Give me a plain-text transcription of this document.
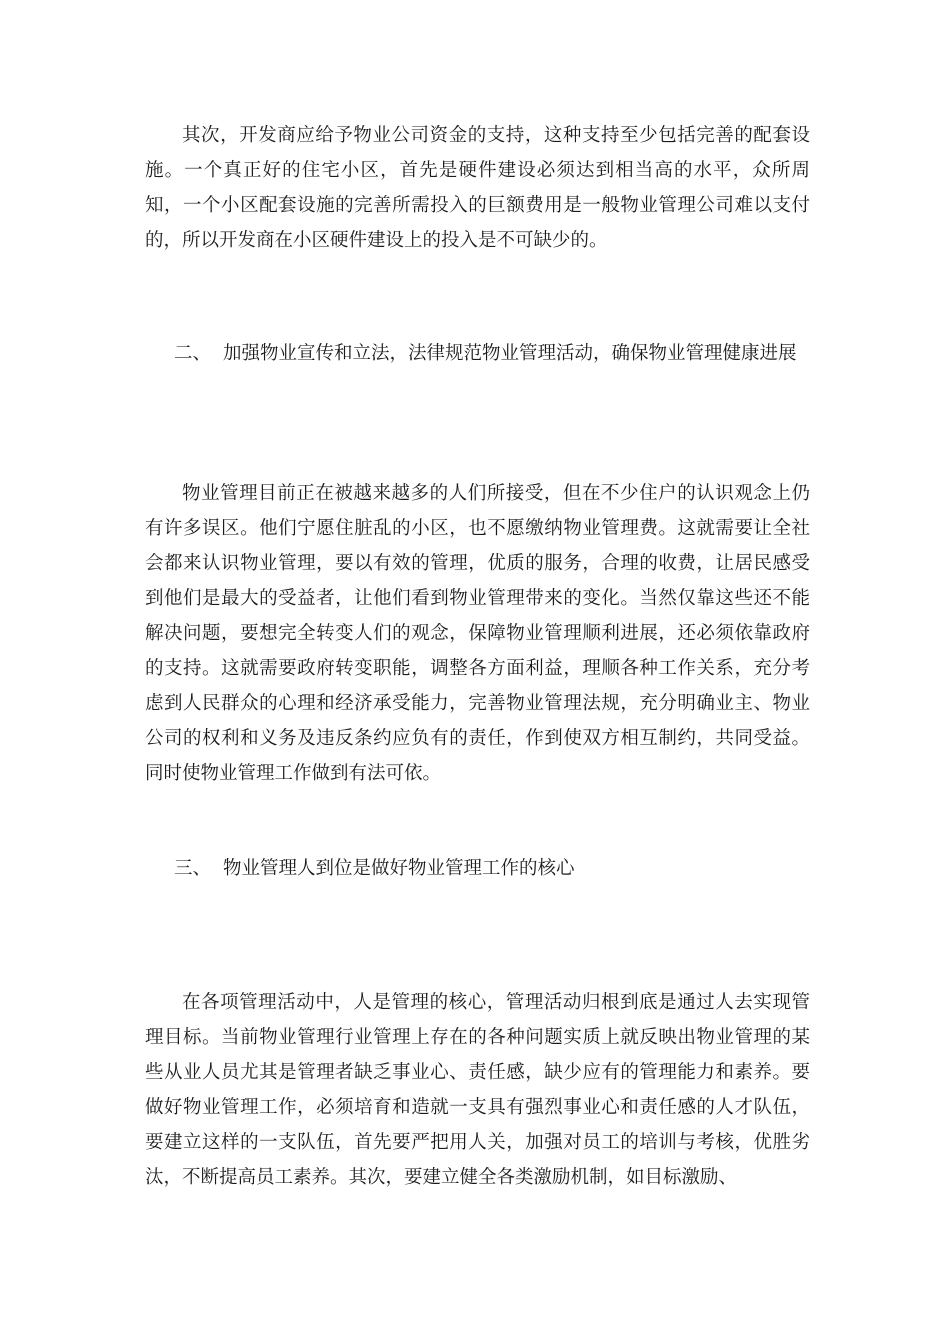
其次，开发商应给予物业公司资金的支持，这种支持至少包括完善的配套设施。一个真正好的住宅小区，首先是硬件建设必须达到相当高的水平，众所周知，一个小区配套设施的完善所需投入的巨额费用是一般物业管理公司难以支付的，所以开发商在小区硬件建设上的投入是不可缺少的。

二、 加强物业宣传和立法，法律规范物业管理活动，确保物业管理健康进展

物业管理目前正在被越来越多的人们所接受，但在不少住户的认识观念上仍有许多误区。他们宁愿住脏乱的小区，也不愿缴纳物业管理费。这就需要让全社会都来认识物业管理，要以有效的管理，优质的服务，合理的收费，让居民感受到他们是最大的受益者，让他们看到物业管理带来的变化。当然仅靠这些还不能解决问题，要想完全转变人们的观念，保障物业管理顺利进展，还必须依靠政府的支持。这就需要政府转变职能，调整各方面利益，理顺各种工作关系，充分考虑到人民群众的心理和经济承受能力，完善物业管理法规，充分明确业主、物业公司的权利和义务及违反条约应负有的责任，作到使双方相互制约，共同受益。同时使物业管理工作做到有法可依。

三、 物业管理人到位是做好物业管理工作的核心

在各项管理活动中，人是管理的核心，管理活动归根到底是通过人去实现管理目标。当前物业管理行业管理上存在的各种问题实质上就反映出物业管理的某些从业人员尤其是管理者缺乏事业心、责任感，缺少应有的管理能力和素养。要做好物业管理工作，必须培育和造就一支具有强烈事业心和责任感的人才队伍，要建立这样的一支队伍，首先要严把用人关，加强对员工的培训与考核，优胜劣汰，不断提高员工素养。其次，要建立健全各类激励机制，如目标激励、
